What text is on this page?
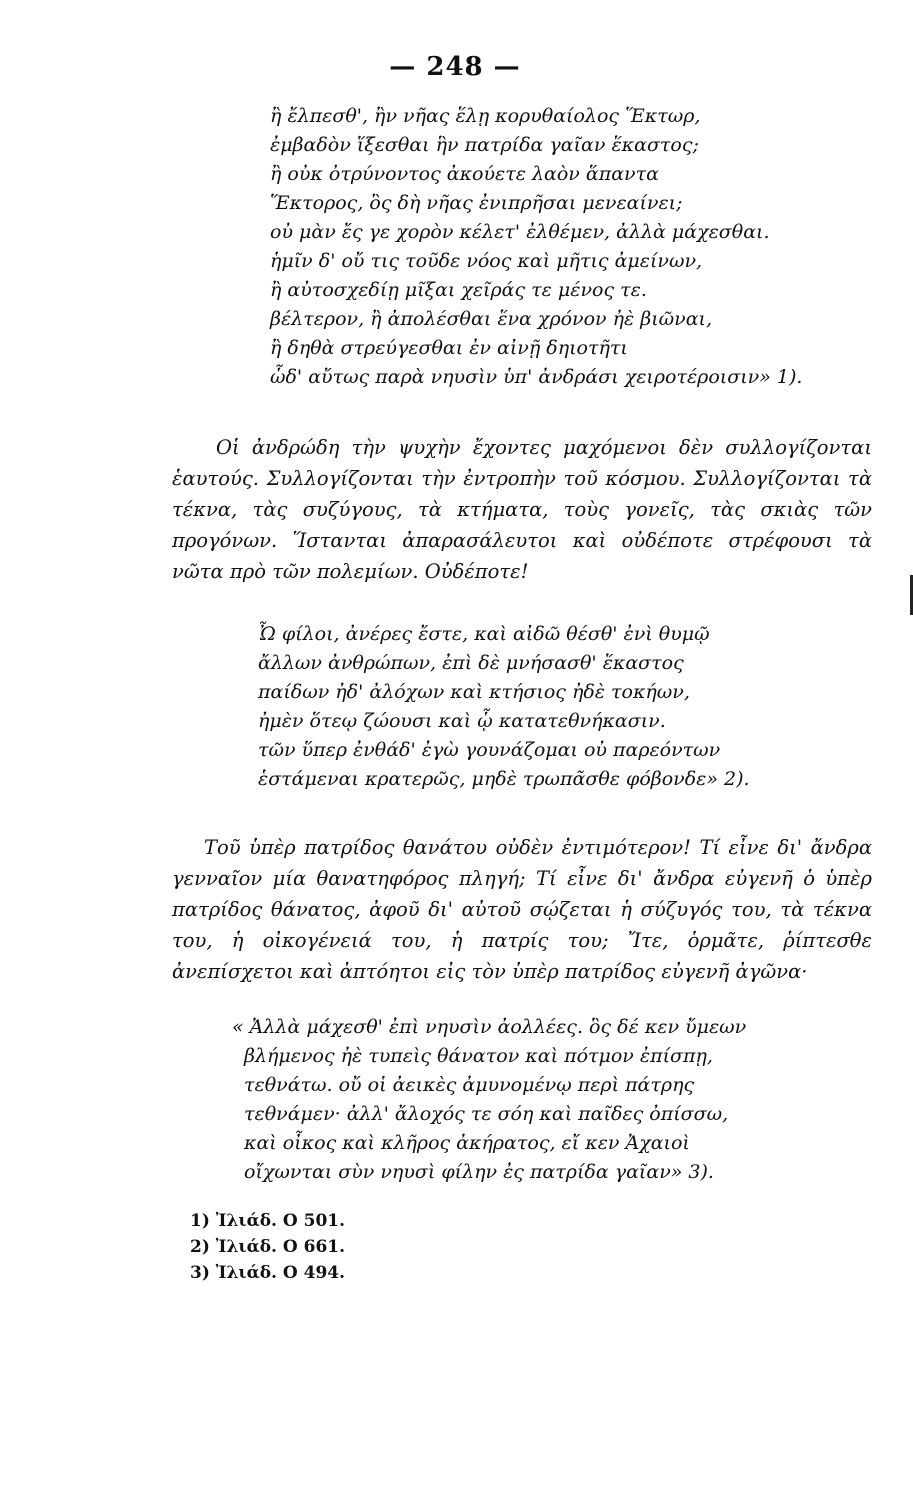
— 248 —
ἢ ἔλπεσθ', ἢν νῆας ἕλῃ κορυθαίολος Ἕκτωρ,
ἐμβαδὸν ἵξεσθαι ἣν πατρίδα γαῖαν ἕκαστος;
ἢ οὐκ ὀτρύνοντος ἀκούετε λαὸν ἅπαντα
Ἕκτορος, ὃς δὴ νῆας ἐνιπρῆσαι μενεαίνει;
οὐ μὰν ἔς γε χορὸν κέλετ' ἐλθέμεν, ἀλλὰ μάχεσθαι.
ἡμῖν δ' οὔ τις τοῦδε νόος καὶ μῆτις ἀμείνων,
ἢ αὐτοσχεδίῃ μῖξαι χεῖράς τε μένος τε.
βέλτερον, ἢ ἀπολέσθαι ἕνα χρόνον ἠὲ βιῶναι,
ἢ δηθὰ στρεύγεσθαι ἐν αἰνῇ δηιοτῆτι
ὧδ' αὔτως παρὰ νηυσὶν ὑπ' ἀνδράσι χειροτέροισιν» 1).
Οἱ ἀνδρώδη τὴν ψυχὴν ἔχοντες μαχόμενοι δὲν συλλογίζονται ἑαυτούς. Συλλογίζονται τὴν ἐντροπὴν τοῦ κόσμου. Συλλογίζονται τὰ τέκνα, τὰς συζύγους, τὰ κτήματα, τοὺς γονεῖς, τὰς σκιὰς τῶν προγόνων. Ἵστανται ἀπαρασάλευτοι καὶ οὐδέποτε στρέφουσι τὰ νῶτα πρὸ τῶν πολεμίων. Οὐδέποτε!
Ὦ φίλοι, ἀνέρες ἔστε, καὶ αἰδῶ θέσθ' ἐνὶ θυμῷ
ἄλλων ἀνθρώπων, ἐπὶ δὲ μνήσασθ' ἕκαστος
παίδων ἠδ' ἀλόχων καὶ κτήσιος ἠδὲ τοκήων,
ἠμὲν ὅτεῳ ζώουσι καὶ ᾧ κατατεθνήκασιν.
τῶν ὕπερ ἐνθάδ' ἐγὼ γουνάζομαι οὐ παρεόντων
ἑστάμεναι κρατερῶς, μηδὲ τρωπᾶσθε φόβονδε» 2).
Τοῦ ὑπὲρ πατρίδος θανάτου οὐδὲν ἐντιμότερον! Τί εἶνε δι' ἄνδρα γενναῖον μία θανατηφόρος πληγή; Τί εἶνε δι' ἄνδρα εὐγενῆ ὁ ὑπὲρ πατρίδος θάνατος, ἀφοῦ δι' αὐτοῦ σῴζεται ἡ σύζυγός του, τὰ τέκνα του, ἡ οἰκογένειά του, ἡ πατρίς του; Ἴτε, ὁρμᾶτε, ῥίπτεσθε ἀνεπίσχετοι καὶ ἀπτόητοι εἰς τὸν ὑπὲρ πατρίδος εὐγενῆ ἀγῶνα·
« Ἀλλὰ μάχεσθ' ἐπὶ νηυσὶν ἀολλέες. ὃς δέ κεν ὔμεων
βλήμενος ἠὲ τυπεὶς θάνατον καὶ πότμον ἐπίσπῃ,
τεθνάτω. οὔ οἱ ἀεικὲς ἀμυνομένῳ περὶ πάτρης
τεθνάμεν· ἀλλ' ἄλοχός τε σόη καὶ παῖδες ὀπίσσω,
καὶ οἶκος καὶ κλῆρος ἀκήρατος, εἴ κεν Ἀχαιοὶ
οἴχωνται σὺν νηυσὶ φίλην ἐς πατρίδα γαῖαν» 3).
1) Ἰλιάδ. Ο 501.
2) Ἰλιάδ. Ο 661.
3) Ἰλιάδ. Ο 494.
